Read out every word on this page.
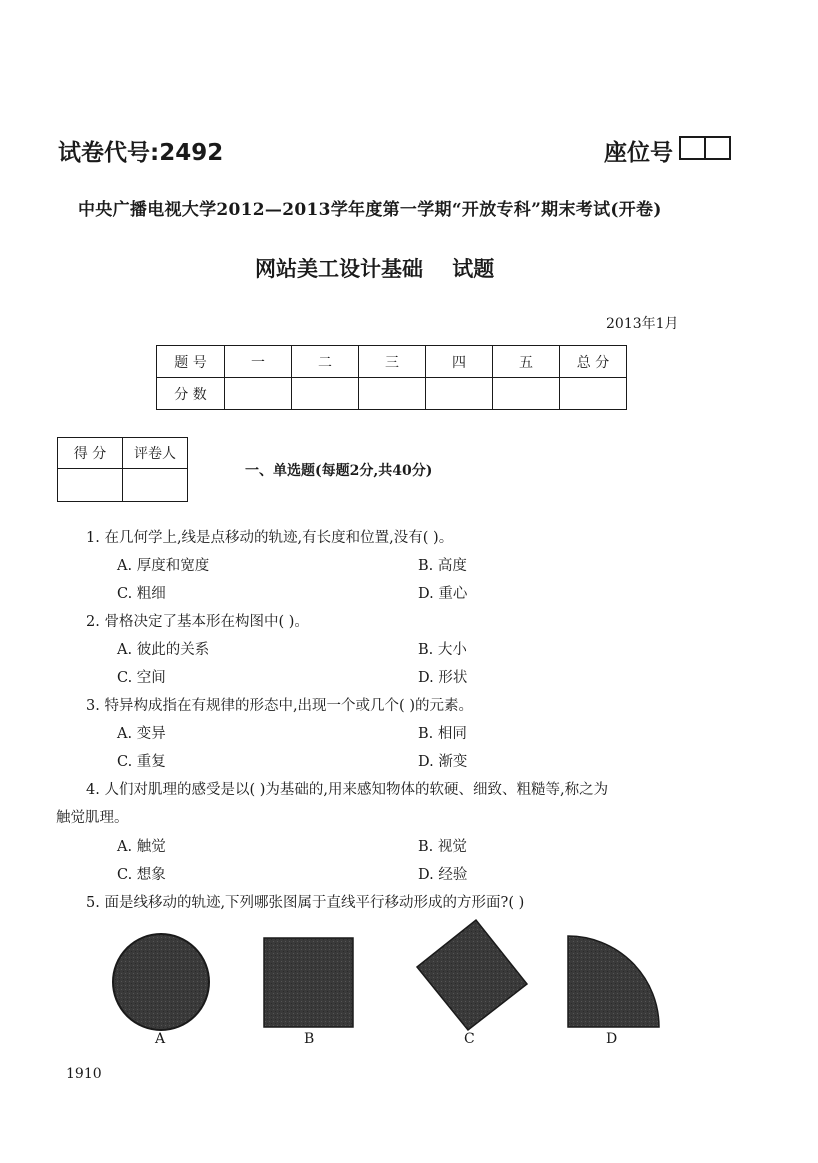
试卷代号:2492	座位号
中央广播电视大学2012—2013学年度第一学期“开放专科”期末考试(开卷)
网站美工设计基础    试题
2013年1月
题 号	一	二	三	四	五	总 分
分 数						
得 分	评卷人

一、单选题(每题2分,共40分)
1. 在几何学上,线是点移动的轨迹,有长度和位置,没有( )。
A. 厚度和宽度	B. 高度
C. 粗细	D. 重心
2. 骨格决定了基本形在构图中( )。
A. 彼此的关系	B. 大小
C. 空间	D. 形状
3. 特异构成指在有规律的形态中,出现一个或几个( )的元素。
A. 变异	B. 相同
C. 重复	D. 渐变
4. 人们对肌理的感受是以( )为基础的,用来感知物体的软硬、细致、粗糙等,称之为
触觉肌理。
A. 触觉	B. 视觉
C. 想象	D. 经验
5. 面是线移动的轨迹,下列哪张图属于直线平行移动形成的方形面?( )
A	B	C	D
1910
